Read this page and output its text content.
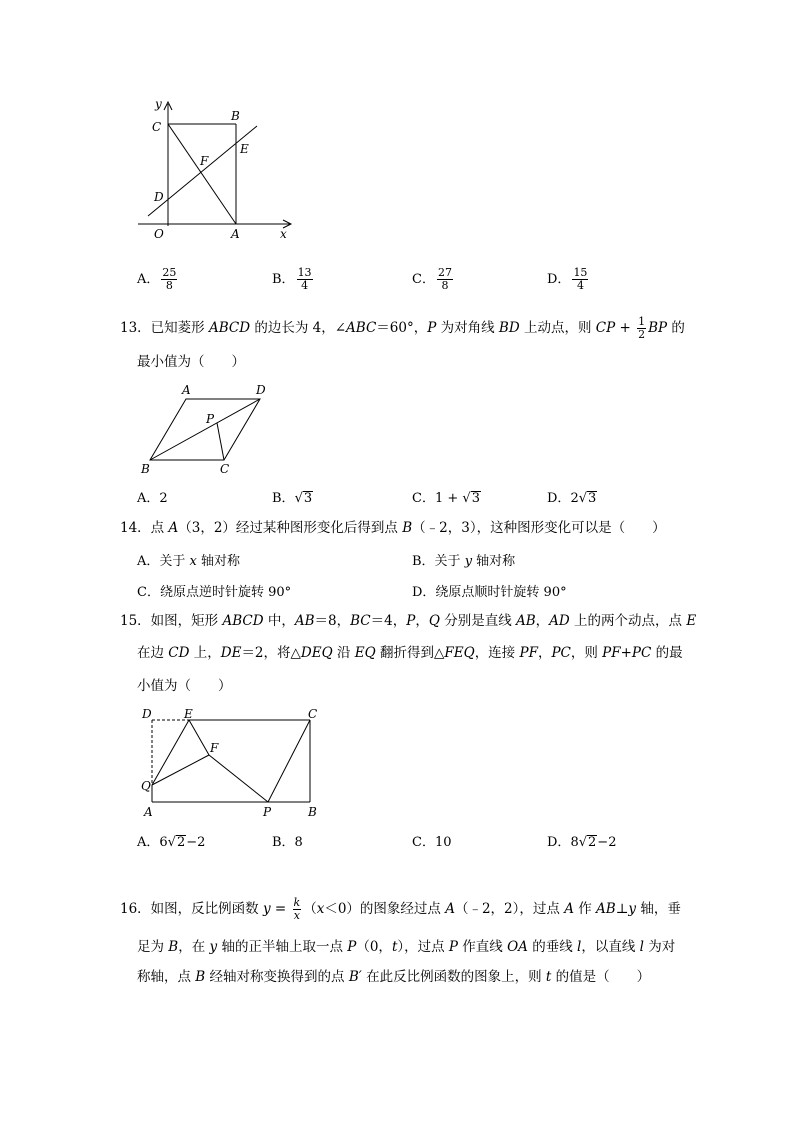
y
C
B
E
F
D
O	A	x
A． $\frac{25}{8}$	B． $\frac{13}{4}$	C． $\frac{27}{8}$	D． $\frac{15}{4}$
13．已知菱形 ABCD 的边长为 4，∠ABC＝60°，P 为对角线 BD 上动点，则 CP + $\frac{1}{2}$ BP 的
最小值为（　　）
A	D
P
B	C
A．2	B．√3	C．1 + √3	D．2√3
14．点 A（3，2）经过某种图形变化后得到点 B（﹣2，3），这种图形变化可以是（　　）
A．关于 x 轴对称	B．关于 y 轴对称
C．绕原点逆时针旋转 90°	D．绕原点顺时针旋转 90°
15．如图，矩形 ABCD 中，AB＝8，BC＝4，P，Q 分别是直线 AB，AD 上的两个动点，点 E
在边 CD 上，DE＝2，将△DEQ 沿 EQ 翻折得到△FEQ，连接 PF，PC，则 PF+PC 的最
小值为（　　）
D	E	C
F
Q
A	P	B
A．6√2−2	B．8	C．10	D．8√2−2
16．如图，反比例函数 $y = \frac{k}{x} (x<0)$的图象经过点 A（﹣2，2），过点 A 作 AB⊥y 轴，垂
足为 B，在 y 轴的正半轴上取一点 P（0，t），过点 P 作直线 OA 的垂线 l，以直线 l 为对
称轴，点 B 经轴对称变换得到的点 B′ 在此反比例函数的图象上，则 t 的值是（　　）
